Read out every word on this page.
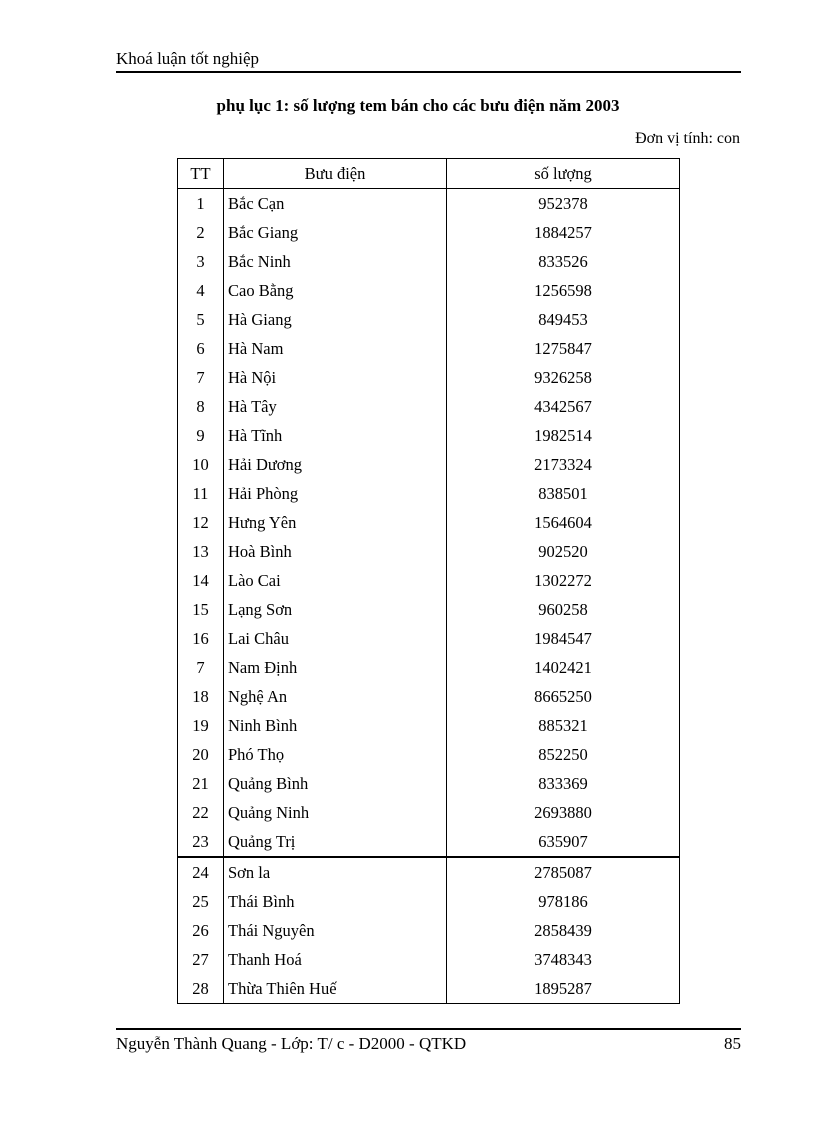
Khoá luận tốt nghiệp
phụ lục 1: số lượng tem bán cho các bưu điện năm 2003
Đơn vị tính: con
TT	Bưu điện	số lượng
1	Bắc Cạn	952378
2	Bắc Giang	1884257
3	Bắc Ninh	833526
4	Cao Bằng	1256598
5	Hà Giang	849453
6	Hà Nam	1275847
7	Hà Nội	9326258
8	Hà Tây	4342567
9	Hà Tĩnh	1982514
10	Hải Dương	2173324
11	Hải Phòng	838501
12	Hưng Yên	1564604
13	Hoà Bình	902520
14	Lào Cai	1302272
15	Lạng Sơn	960258
16	Lai Châu	1984547
7	Nam Định	1402421
18	Nghệ An	8665250
19	Ninh Bình	885321
20	Phó Thọ	852250
21	Quảng Bình	833369
22	Quảng Ninh	2693880
23	Quảng Trị	635907
24	Sơn la	2785087
25	Thái Bình	978186
26	Thái Nguyên	2858439
27	Thanh Hoá	3748343
28	Thừa Thiên Huế	1895287
Nguyễn Thành Quang - Lớp: T/ c - D2000 - QTKD	85
